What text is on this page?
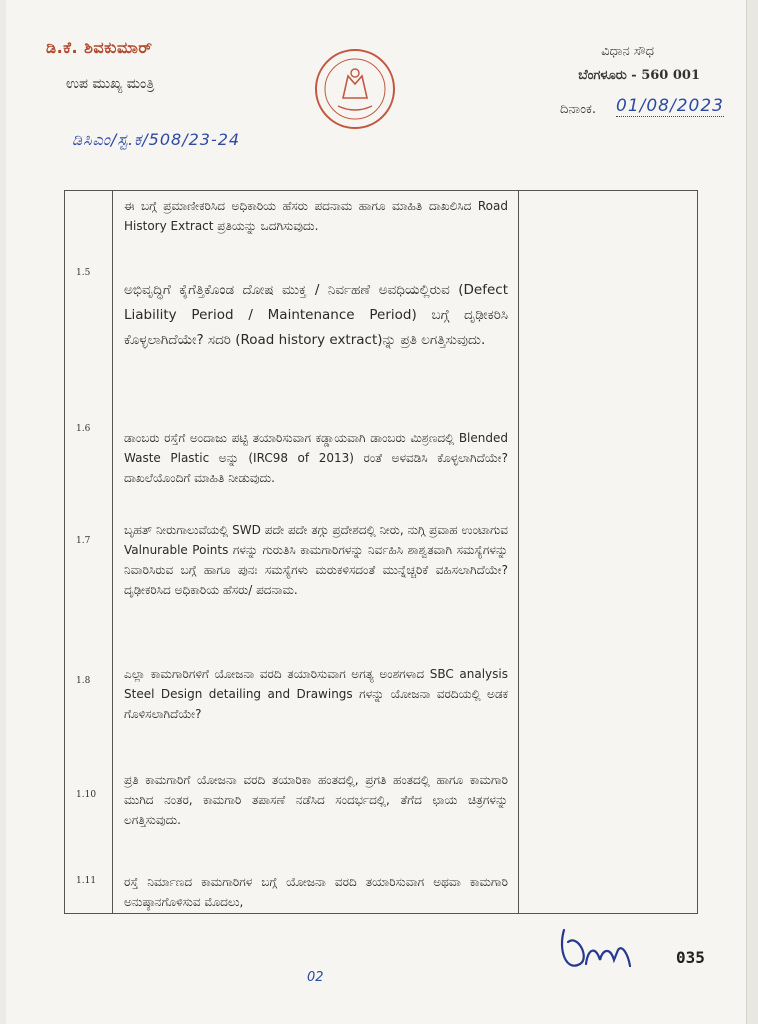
ಡಿ.ಕೆ. ಶಿವಕುಮಾರ್
ಉಪ ಮುಖ್ಯ ಮಂತ್ರಿ
ವಿಧಾನ ಸೌಧ
ಬೆಂಗಳೂರು - 560 001
ದಿನಾಂಕ. 01/08/2023
ಡಿಸಿಎಂ/ಸ್ಟ.ಕ/508/23-24
ಈ ಬಗ್ಗೆ ಪ್ರಮಾಣೀಕರಿಸಿದ ಅಧಿಕಾರಿಯ ಹೆಸರು ಪದನಾಮ ಹಾಗೂ ಮಾಹಿತಿ ದಾಖಲಿಸಿದ Road History Extract ಪ್ರತಿಯನ್ನು ಒದಗಿಸುವುದು.
1.5
ಅಭಿವೃದ್ಧಿಗೆ ಕೈಗೆತ್ತಿಕೊಂಡ ದೋಷ ಮುಕ್ತ / ನಿರ್ವಹಣೆ ಅವಧಿಯಲ್ಲಿರುವ (Defect Liability Period / Maintenance Period) ಬಗ್ಗೆ ದೃಢೀಕರಿಸಿ ಕೊಳ್ಳಲಾಗಿದೆಯೇ? ಸದರಿ (Road history extract)ನ್ನು ಪ್ರತಿ ಲಗತ್ತಿಸುವುದು.
1.6
ಡಾಂಬರು ರಸ್ತೆಗೆ ಅಂದಾಜು ಪಟ್ಟಿ ತಯಾರಿಸುವಾಗ ಕಡ್ಡಾಯವಾಗಿ ಡಾಂಬರು ಮಿಶ್ರಣದಲ್ಲಿ Blended Waste Plastic ಅನ್ನು (IRC98 of 2013) ರಂತೆ ಅಳವಡಿಸಿ ಕೊಳ್ಳಲಾಗಿದೆಯೇ? ದಾಖಲೆಯೊಂದಿಗೆ ಮಾಹಿತಿ ನೀಡುವುದು.
1.7
ಬೃಹತ್ ನೀರುಗಾಲುವೆಯಲ್ಲಿ SWD ಪದೇ ಪದೇ ತಗ್ಗು ಪ್ರದೇಶದಲ್ಲಿ ನೀರು, ನುಗ್ಗಿ ಪ್ರವಾಹ ಉಂಟಾಗುವ Valnurable Points ಗಳನ್ನು ಗುರುತಿಸಿ ಕಾಮಗಾರಿಗಳನ್ನು ನಿರ್ವಹಿಸಿ ಶಾಶ್ವತವಾಗಿ ಸಮಸ್ಯೆಗಳನ್ನು ನಿವಾರಿಸಿರುವ ಬಗ್ಗೆ ಹಾಗೂ ಪುನಃ ಸಮಸ್ಯೆಗಳು ಮರುಕಳಿಸದಂತೆ ಮುನ್ನೆಚ್ಚರಿಕೆ ವಹಿಸಲಾಗಿದೆಯೇ? ದೃಢೀಕರಿಸಿದ ಅಧಿಕಾರಿಯ ಹೆಸರು/ ಪದನಾಮ.
1.8	ಎಲ್ಲಾ ಕಾಮಗಾರಿಗಳಿಗೆ ಯೋಜನಾ ವರದಿ ತಯಾರಿಸುವಾಗ ಅಗತ್ಯ ಅಂಶಗಳಾದ SBC analysis Steel Design detailing and Drawings ಗಳನ್ನು ಯೋಜನಾ ವರದಿಯಲ್ಲಿ ಅಡಕ ಗೊಳಿಸಲಾಗಿದೆಯೇ?
1.10
ಪ್ರತಿ ಕಾಮಗಾರಿಗೆ ಯೋಜನಾ ವರದಿ ತಯಾರಿಕಾ ಹಂತದಲ್ಲಿ, ಪ್ರಗತಿ ಹಂತದಲ್ಲಿ ಹಾಗೂ ಕಾಮಗಾರಿ ಮುಗಿದ ನಂತರ, ಕಾಮಗಾರಿ ತಪಾಸಣೆ ನಡೆಸಿದ ಸಂದರ್ಭದಲ್ಲಿ, ತೆಗೆದ ಛಾಯ ಚಿತ್ರಗಳನ್ನು ಲಗತ್ತಿಸುವುದು.
1.11 ರಸ್ತೆ ನಿರ್ಮಾಣದ ಕಾಮಗಾರಿಗಳ ಬಗ್ಗೆ ಯೋಜನಾ ವರದಿ ತಯಾರಿಸುವಾಗ ಅಥವಾ ಕಾಮಗಾರಿ ಅನುಷ್ಠಾನಗೊಳಿಸುವ ಮೊದಲು,
035
02
